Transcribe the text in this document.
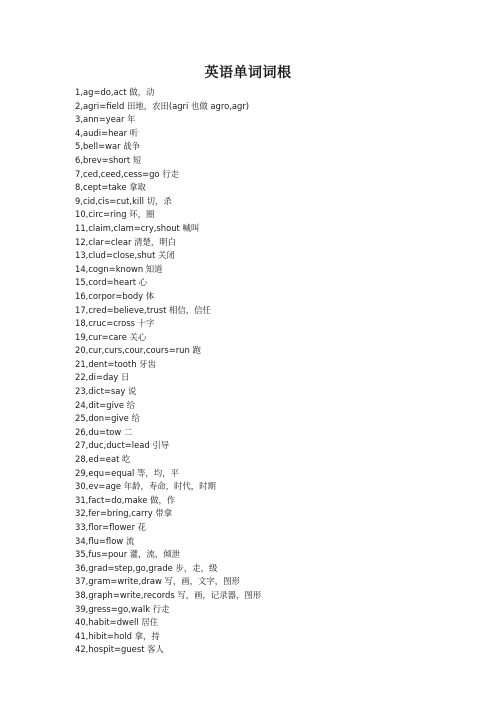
英语单词词根
1,ag=do,act 做，动
2,agri=field 田地，农田(agri 也做 agro,agr)
3,ann=year 年
4,audi=hear 听
5,bell=war 战争
6,brev=short 短
7,ced,ceed,cess=go 行走
8,cept=take 拿取
9,cid,cis=cut,kill 切，杀
10,circ=ring 环，圈
11,claim,clam=cry,shout 喊叫
12,clar=clear 清楚，明白
13,clud=close,shut 关闭
14,cogn=known 知道
15,cord=heart 心
16,corpor=body 体
17,cred=believe,trust 相信，信任
18,cruc=cross 十字
19,cur=care 关心
20,cur,curs,cour,cours=run 跑
21,dent=tooth 牙齿
22,di=day 日
23,dict=say 说
24,dit=give 给
25,don=give 给
26,du=tow 二
27,duc,duct=lead 引导
28,ed=eat 吃
29,equ=equal 等，均，平
30,ev=age 年龄，寿命，时代，时期
31,fact=do,make 做，作
32,fer=bring,carry 带拿
33,flor=flower 花
34,flu=flow 流
35,fus=pour 灌，流，倾泄
36,grad=step,go,grade 步，走，级
37,gram=write,draw 写，画，文字，图形
38,graph=write,records 写，画，记录器，图形
39,gress=go,walk 行走
40,habit=dwell 居住
41,hibit=hold 拿，持
42,hospit=guest 客人
